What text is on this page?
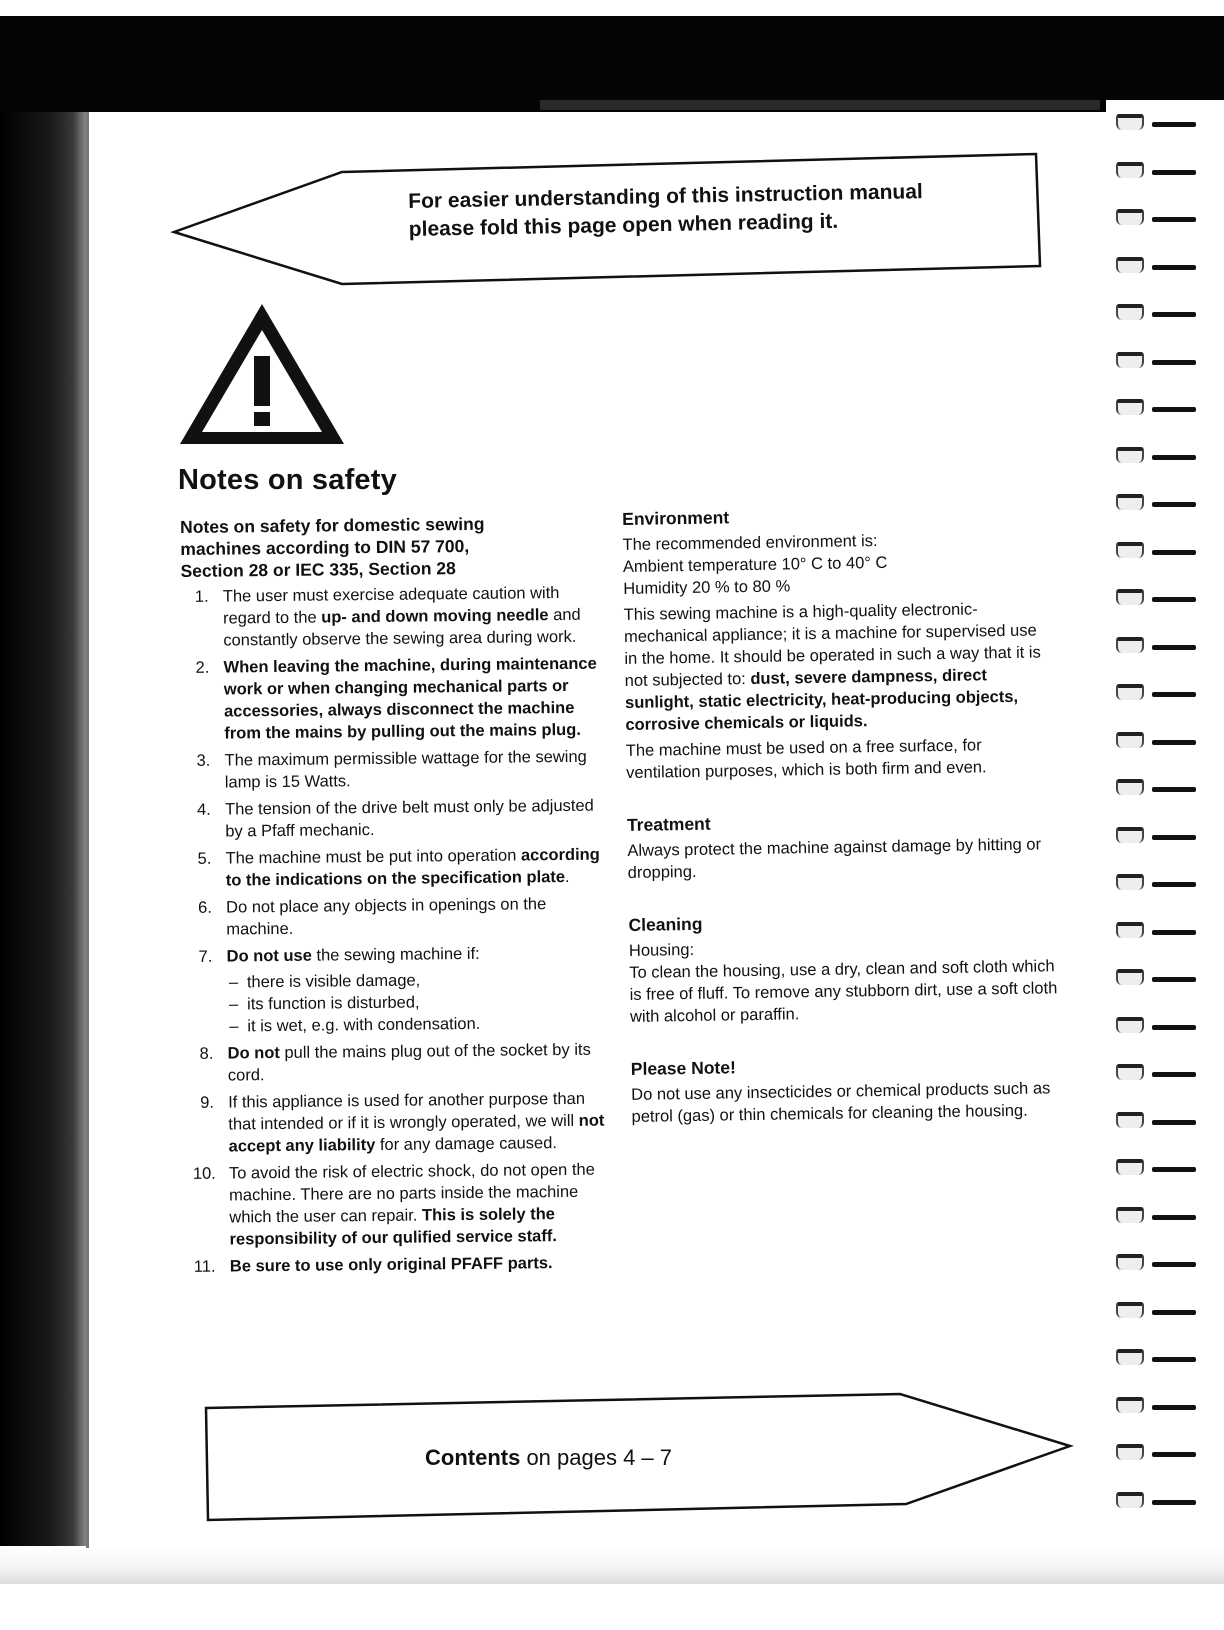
For easier understanding of this instruction manual
please fold this page open when reading it.
Notes on safety
Notes on safety for domestic sewing
machines according to DIN 57 700,
Section 28 or IEC 335, Section 28
1. The user must exercise adequate caution with regard to the up- and down moving needle and constantly observe the sewing area during work.
2. When leaving the machine, during maintenance work or when changing mechanical parts or accessories, always disconnect the machine from the mains by pulling out the mains plug.
3. The maximum permissible wattage for the sewing lamp is 15 Watts.
4. The tension of the drive belt must only be adjusted by a Pfaff mechanic.
5. The machine must be put into operation according to the indications on the specification plate.
6. Do not place any objects in openings on the machine.
7. Do not use the sewing machine if:
– there is visible damage,
– its function is disturbed,
– it is wet, e.g. with condensation.
8. Do not pull the mains plug out of the socket by its cord.
9. If this appliance is used for another purpose than that intended or if it is wrongly operated, we will not accept any liability for any damage caused.
10. To avoid the risk of electric shock, do not open the machine. There are no parts inside the machine which the user can repair. This is solely the responsibility of our qulified service staff.
11. Be sure to use only original PFAFF parts.
Environment

The recommended environment is:
Ambient temperature 10° C to 40° C
Humidity 20 % to 80 %

This sewing machine is a high-quality electronic-mechanical appliance; it is a machine for supervised use in the home. It should be operated in such a way that it is not subjected to: dust, severe dampness, direct sunlight, static electricity, heat-producing objects, corrosive chemicals or liquids.

The machine must be used on a free surface, for ventilation purposes, which is both firm and even.

Treatment

Always protect the machine against damage by hitting or dropping.

Cleaning

Housing:

To clean the housing, use a dry, clean and soft cloth which is free of fluff. To remove any stubborn dirt, use a soft cloth with alcohol or paraffin.

Please Note!

Do not use any insecticides or chemical products such as petrol (gas) or thin chemicals for cleaning the housing.

Contents on pages 4 – 7
